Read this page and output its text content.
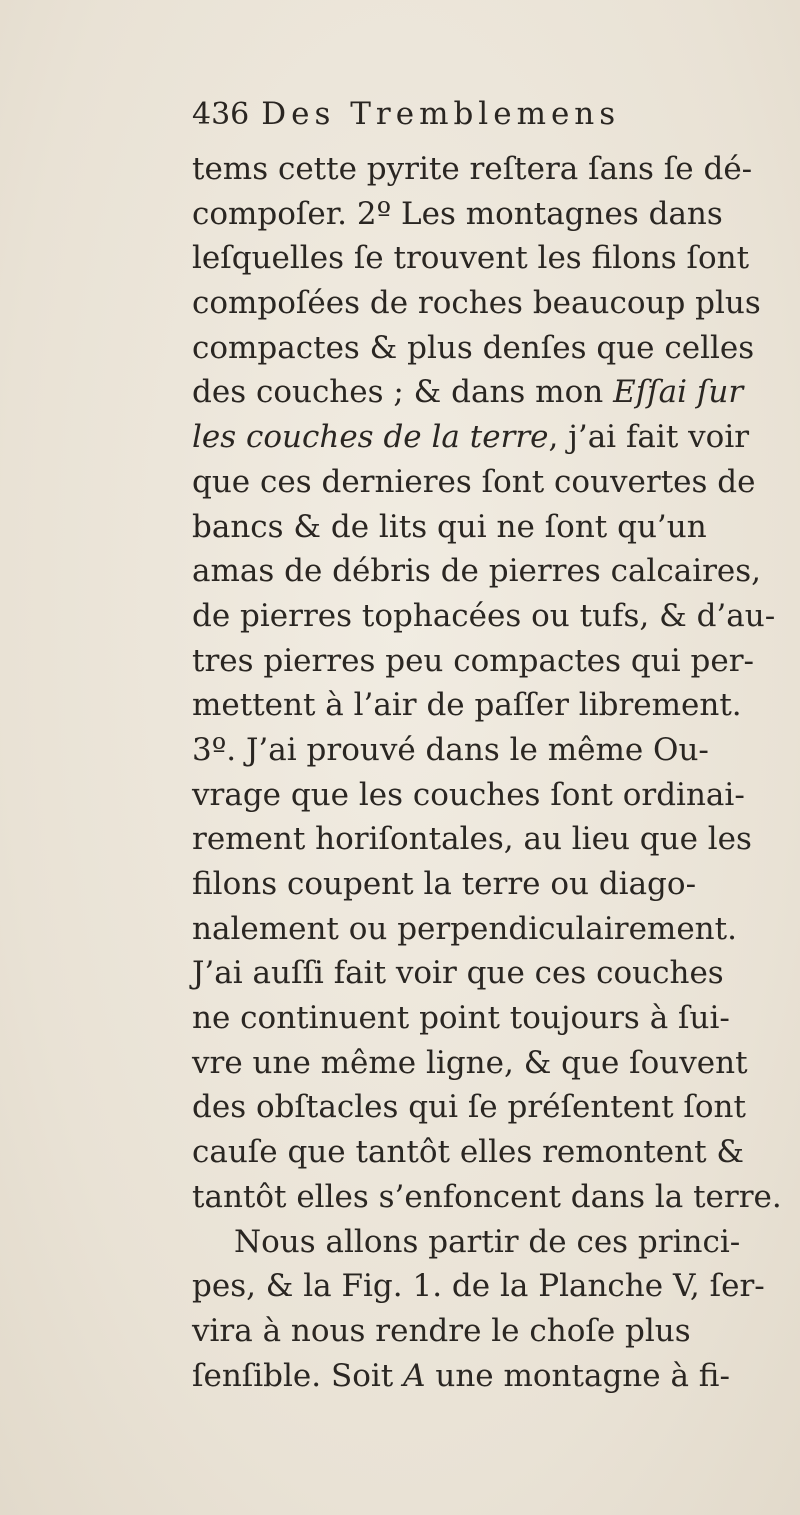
436 Des Tremblemens
tems cette pyrite reſtera ſans ſe dé-
compoſer. 2º Les montagnes dans
leſquelles ſe trouvent les filons ſont
compoſées de roches beaucoup plus
compactes & plus denſes que celles
des couches ; & dans mon Eſſai ſur
les couches de la terre, j’ai fait voir
que ces dernieres ſont couvertes de
bancs & de lits qui ne ſont qu’un
amas de débris de pierres calcaires,
de pierres tophacées ou tufs, & d’au-
tres pierres peu compactes qui per-
mettent à l’air de paſſer librement.
3º. J’ai prouvé dans le même Ou-
vrage que les couches ſont ordinai-
rement horiſontales, au lieu que les
filons coupent la terre ou diago-
nalement ou perpendiculairement.
J’ai auſſi fait voir que ces couches
ne continuent point toujours à ſui-
vre une même ligne, & que ſouvent
des obſtacles qui ſe préſentent ſont
cauſe que tantôt elles remontent &
tantôt elles s’enfoncent dans la terre.
Nous allons partir de ces princi-
pes, & la Fig. 1. de la Planche V, ſer-
vira à nous rendre le choſe plus
ſenſible. Soit A une montagne à fi-
